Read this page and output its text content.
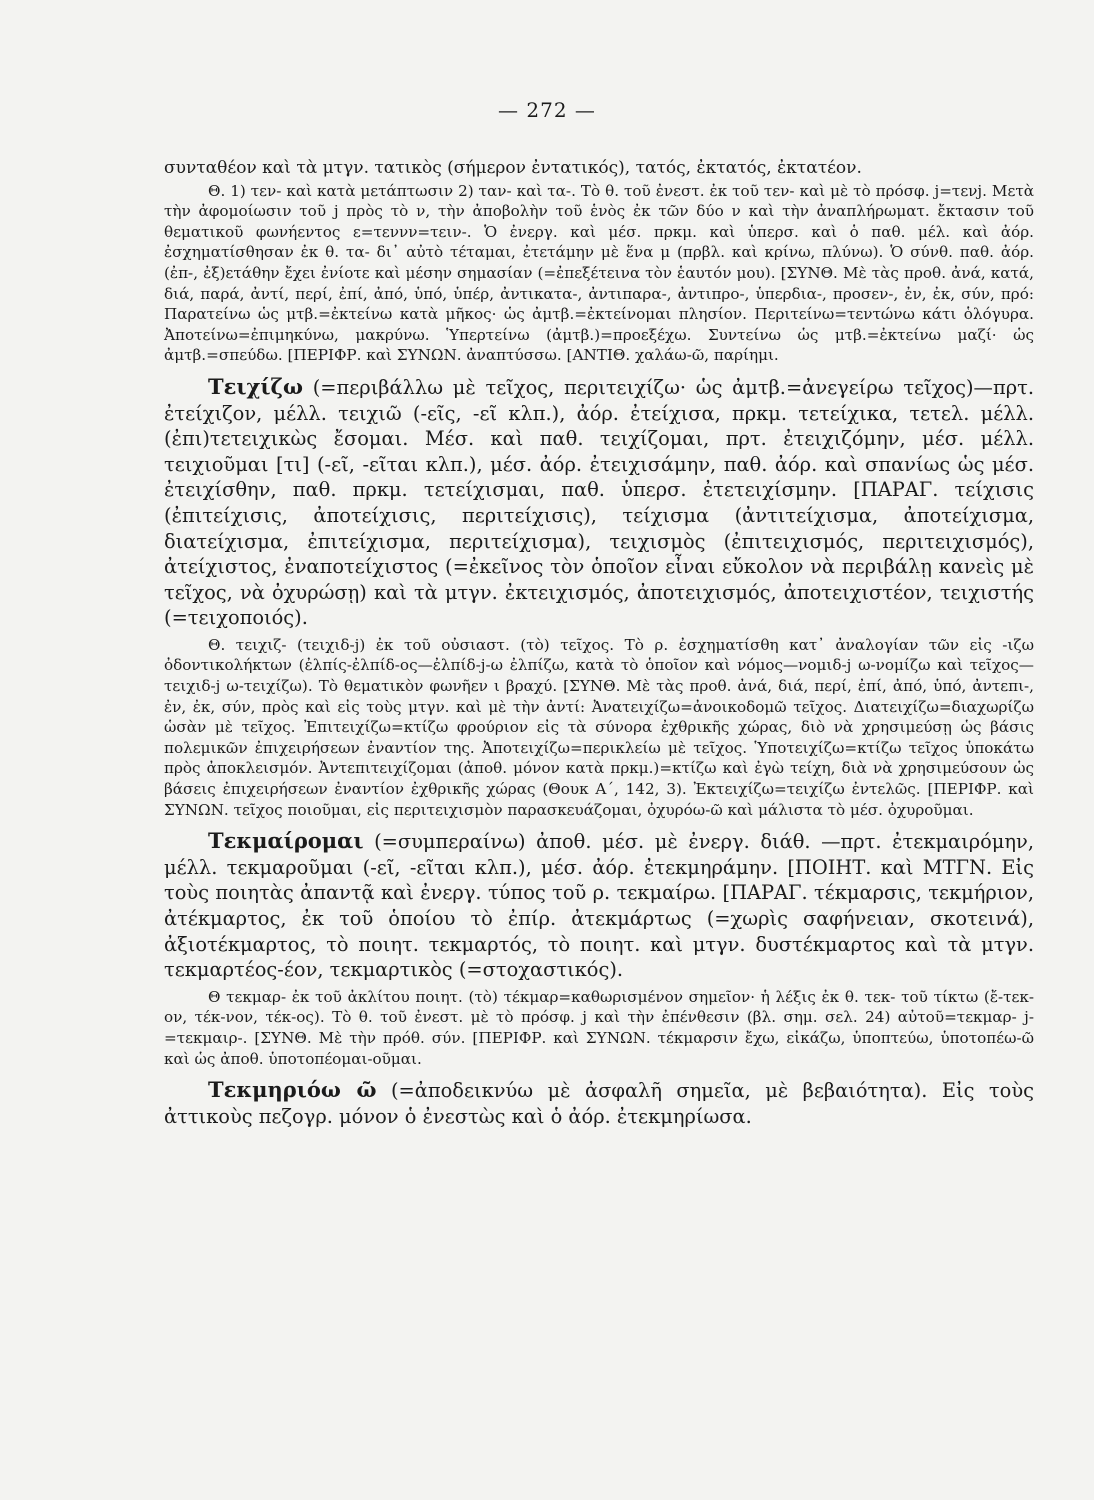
— 272 —

συνταθέον καὶ τὰ μτγν. τατικὸς (σήμερον ἐντατικός), τατός, ἐκτατός, ἐκτατέον.

Θ. 1) τεν- καὶ κατὰ μετάπτωσιν 2) ταν- καὶ τα-. Τὸ θ. τοῦ ἐνεστ. ἐκ τοῦ τεν- καὶ μὲ τὸ πρόσφ. j=τενj. Μετὰ τὴν ἀφομοίωσιν τοῦ j πρὸς τὸ ν, τὴν ἀποβολὴν τοῦ ἑνὸς ἐκ τῶν δύο ν καὶ τὴν ἀναπλήρωματ. ἔκτασιν τοῦ θεματικοῦ φωνήεντος ε=τεννν=τειν-. Ὁ ἐνεργ. καὶ μέσ. πρκμ. καὶ ὑπερσ. καὶ ὁ παθ. μέλ. καὶ ἀόρ. ἐσχηματίσθησαν ἐκ θ. τα- δι᾽ αὐτὸ τέταμαι, ἐτετάμην μὲ ἕνα μ (πρβλ. καὶ κρίνω, πλύνω). Ὁ σύνθ. παθ. ἀόρ. (ἐπ-, ἐξ)ετάθην ἔχει ἐνίοτε καὶ μέσην σημασίαν (=ἐπεξέτεινα τὸν ἑαυτόν μου). [ΣΥΝΘ. Μὲ τὰς προθ. ἀνά, κατά, διά, παρά, ἀντί, περί, ἐπί, ἀπό, ὑπό, ὑπέρ, ἀντικατα-, ἀντιπαρα-, ἀντιπρο-, ὑπερδια-, προσεν-, ἐν, ἐκ, σύν, πρό: Παρατείνω ὡς μτβ.=ἐκτείνω κατὰ μῆκος· ὡς ἀμτβ.=ἐκτείνομαι πλησίον. Περιτείνω=τεντώνω κάτι ὁλόγυρα. Ἀποτείνω=ἐπιμηκύνω, μακρύνω. Ὑπερτείνω (ἀμτβ.)=προεξέχω. Συντείνω ὡς μτβ.=ἐκτείνω μαζί· ὡς ἀμτβ.=σπεύδω. [ΠΕΡΙΦΡ. καὶ ΣΥΝΩΝ. ἀναπτύσσω. [ΑΝΤΙΘ. χαλάω-ῶ, παρίημι.

Τειχίζω (=περιβάλλω μὲ τεῖχος, περιτειχίζω· ὡς ἀμτβ.=ἀνεγείρω τεῖχος)—πρτ. ἐτείχιζον, μέλλ. τειχιῶ (-εῖς, -εῖ κλπ.), ἀόρ. ἐτείχισα, πρκμ. τετείχικα, τετελ. μέλλ. (ἐπι)τετειχικὼς ἔσομαι. Μέσ. καὶ παθ. τειχίζομαι, πρτ. ἐτειχιζόμην, μέσ. μέλλ. τειχιοῦμαι [τι] (-εῖ, -εῖται κλπ.), μέσ. ἀόρ. ἐτειχισάμην, παθ. ἀόρ. καὶ σπανίως ὡς μέσ. ἐτειχίσθην, παθ. πρκμ. τετείχισμαι, παθ. ὑπερσ. ἐτετειχίσμην. [ΠΑΡΑΓ. τείχισις (ἐπιτείχισις, ἀποτείχισις, περιτείχισις), τείχισμα (ἀντιτείχισμα, ἀποτείχισμα, διατείχισμα, ἐπιτείχισμα, περιτείχισμα), τειχισμὸς (ἐπιτειχισμός, περιτειχισμός), ἀτείχιστος, ἐναποτείχιστος (=ἐκεῖνος τὸν ὁποῖον εἶναι εὔκολον νὰ περιβάλῃ κανεὶς μὲ τεῖχος, νὰ ὀχυρώσῃ) καὶ τὰ μτγν. ἐκτειχισμός, ἀποτειχισμός, ἀποτειχιστέον, τειχιστής (=τειχοποιός).

Θ. τειχιζ- (τειχιδ-j) ἐκ τοῦ οὐσιαστ. (τὸ) τεῖχος. Τὸ ρ. ἐσχηματίσθη κατ᾽ ἀναλογίαν τῶν εἰς -ιζω ὀδοντικολήκτων (ἐλπίς-ἐλπίδ-ος—ἐλπίδ-j-ω ἐλπίζω, κατὰ τὸ ὁποῖον καὶ νόμος—νομιδ-j ω-νομίζω καὶ τεῖχος—τειχιδ-j ω-τειχίζω). Τὸ θεματικὸν φωνῆεν ι βραχύ. [ΣΥΝΘ. Μὲ τὰς προθ. ἀνά, διά, περί, ἐπί, ἀπό, ὑπό, ἀντεπι-, ἐν, ἐκ, σύν, πρὸς καὶ εἰς τοὺς μτγν. καὶ μὲ τὴν ἀντί: Ἀνατειχίζω=ἀνοικοδομῶ τεῖχος. Διατειχίζω=διαχωρίζω ὡσὰν μὲ τεῖχος. Ἐπιτειχίζω=κτίζω φρούριον εἰς τὰ σύνορα ἐχθρικῆς χώρας, διὸ νὰ χρησιμεύσῃ ὡς βάσις πολεμικῶν ἐπιχειρήσεων ἐναντίον της. Ἀποτειχίζω=περικλείω μὲ τεῖχος. Ὑποτειχίζω=κτίζω τεῖχος ὑποκάτω πρὸς ἀποκλεισμόν. Ἀντεπιτειχίζομαι (ἀποθ. μόνον κατὰ πρκμ.)=κτίζω καὶ ἐγὼ τείχη, διὰ νὰ χρησιμεύσουν ὡς βάσεις ἐπιχειρήσεων ἐναντίον ἐχθρικῆς χώρας (Θουκ Α΄, 142, 3). Ἐκτειχίζω=τειχίζω ἐντελῶς. [ΠΕΡΙΦΡ. καὶ ΣΥΝΩΝ. τεῖχος ποιοῦμαι, εἰς περιτειχισμὸν παρασκευάζομαι, ὀχυρόω-ῶ καὶ μάλιστα τὸ μέσ. ὀχυροῦμαι.

Τεκμαίρομαι (=συμπεραίνω) ἀποθ. μέσ. μὲ ἐνεργ. διάθ. —πρτ. ἐτεκμαιρόμην, μέλλ. τεκμαροῦμαι (-εῖ, -εῖται κλπ.), μέσ. ἀόρ. ἐτεκμηράμην. [ΠΟΙΗΤ. καὶ ΜΤΓΝ. Εἰς τοὺς ποιητὰς ἀπαντᾷ καὶ ἐνεργ. τύπος τοῦ ρ. τεκμαίρω. [ΠΑΡΑΓ. τέκμαρσις, τεκμήριον, ἀτέκμαρτος, ἐκ τοῦ ὁποίου τὸ ἐπίρ. ἀτεκμάρτως (=χωρὶς σαφήνειαν, σκοτεινά), ἀξιοτέκμαρτος, τὸ ποιητ. τεκμαρτός, τὸ ποιητ. καὶ μτγν. δυστέκμαρτος καὶ τὰ μτγν. τεκμαρτέος-έον, τεκμαρτικὸς (=στοχαστικός).

Θ τεκμαρ- ἐκ τοῦ ἀκλίτου ποιητ. (τὸ) τέκμαρ=καθωρισμένον σημεῖον· ἡ λέξις ἐκ θ. τεκ- τοῦ τίκτω (ἔ-τεκ-ον, τέκ-νον, τέκ-ος). Τὸ θ. τοῦ ἐνεστ. μὲ τὸ πρόσφ. j καὶ τὴν ἐπένθεσιν (βλ. σημ. σελ. 24) αὐτοῦ=τεκμαρ- j-=τεκμαιρ-. [ΣΥΝΘ. Μὲ τὴν πρόθ. σύν. [ΠΕΡΙΦΡ. καὶ ΣΥΝΩΝ. τέκμαρσιν ἔχω, εἰκάζω, ὑποπτεύω, ὑποτοπέω-ῶ καὶ ὡς ἀποθ. ὑποτοπέομαι-οῦμαι.

Τεκμηριόω ῶ (=ἀποδεικνύω μὲ ἀσφαλῆ σημεῖα, μὲ βεβαιότητα). Εἰς τοὺς ἀττικοὺς πεζογρ. μόνον ὁ ἐνεστὼς καὶ ὁ ἀόρ. ἐτεκμηρίωσα.
